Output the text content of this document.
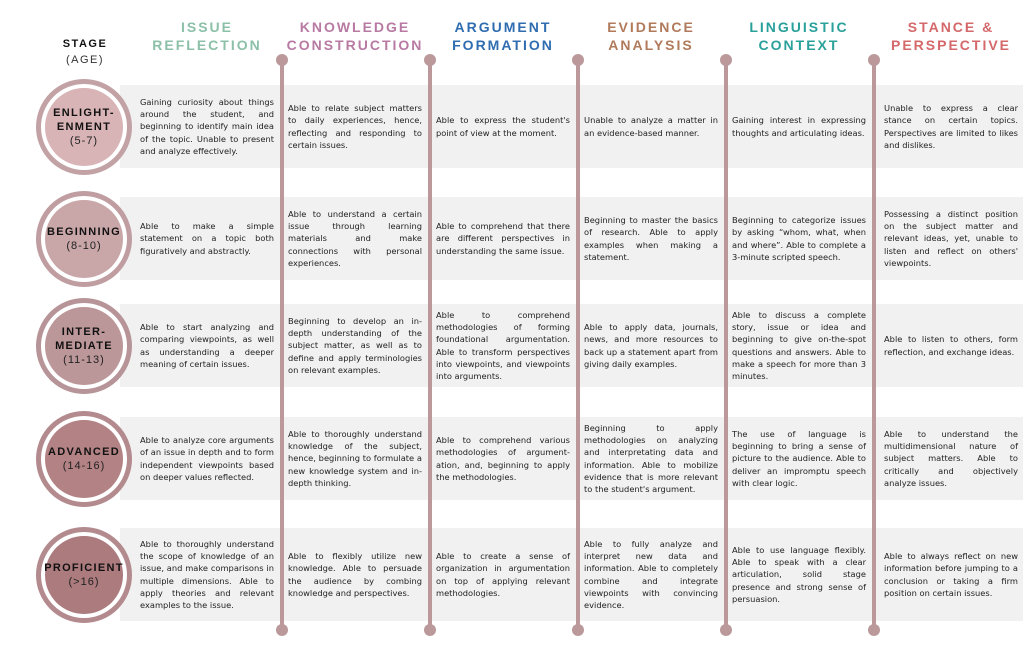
STAGE
(AGE)
ISSUE
REFLECTION
KNOWLEDGE
CONSTRUCTION
ARGUMENT
FORMATION
EVIDENCE
ANALYSIS
LINGUISTIC
CONTEXT
STANCE &
PERSPECTIVE
ENLIGHT-
ENMENT
(5-7)
Gaining curiosity about things around the student, and beginning to identify main idea of the topic. Unable to present and analyze effectively.
Able to relate subject matters to daily experiences, hence, reflecting and responding to certain issues.
Able to express the student's point of view at the moment.
Unable to analyze a matter in an evidence-based manner.
Gaining interest in expressing thoughts and articulating ideas.
Unable to express a clear stance on certain topics. Perspectives are limited to likes and dislikes.
BEGINNING
(8-10)
Able to make a simple statement on a topic both figuratively and abstractly.
Able to understand a certain issue through learning materials and make connections with personal experiences.
Able to comprehend that there are different perspectives in understanding the same issue.
Beginning to master the basics of research. Able to apply examples when making a statement.
Beginning to categorize issues by asking “whom, what, when and where”. Able to complete a 3-minute scripted speech.
Possessing a distinct position on the subject matter and relevant ideas, yet, unable to listen and reflect on others' viewpoints.
INTER-
MEDIATE
(11-13)
Able to start analyzing and comparing viewpoints, as well as understanding a deeper meaning of certain issues.
Beginning to develop an in-depth understanding of the subject matter, as well as to define and apply terminologies on relevant examples.
Able to comprehend methodologies of forming foundational argumentation. Able to transform perspectives into viewpoints, and viewpoints into arguments.
Able to apply data, journals, news, and more resources to back up a statement apart from giving daily examples.
Able to discuss a complete story, issue or idea and beginning to give on-the-spot questions and answers. Able to make a speech for more than 3 minutes.
Able to listen to others, form reflection, and exchange ideas.
ADVANCED
(14-16)
Able to analyze core arguments of an issue in depth and to form independent viewpoints based on deeper values reflected.
Able to thoroughly understand knowledge of the subject, hence, beginning to formulate a new knowledge system and in-depth thinking.
Able to comprehend various methodologies of argument-ation, and, beginning to apply the methodologies.
Beginning to apply methodologies on analyzing and interpretating data and information. Able to mobilize evidence that is more relevant to the student's argument.
The use of language is beginning to bring a sense of picture to the audience. Able to deliver an impromptu speech with clear logic.
Able to understand the multidimensional nature of subject matters. Able to critically and objectively analyze issues.
PROFICIENT
(>16)
Able to thoroughly understand the scope of knowledge of an issue, and make comparisons in multiple dimensions. Able to apply theories and relevant examples to the issue.
Able to flexibly utilize new knowledge. Able to persuade the audience by combing knowledge and perspectives.
Able to create a sense of organization in argumentation on top of applying relevant methodologies.
Able to fully analyze and interpret new data and information. Able to completely combine and integrate viewpoints with convincing evidence.
Able to use language flexibly. Able to speak with a clear articulation, solid stage presence and strong sense of persuasion.
Able to always reflect on new information before jumping to a conclusion or taking a firm position on certain issues.
